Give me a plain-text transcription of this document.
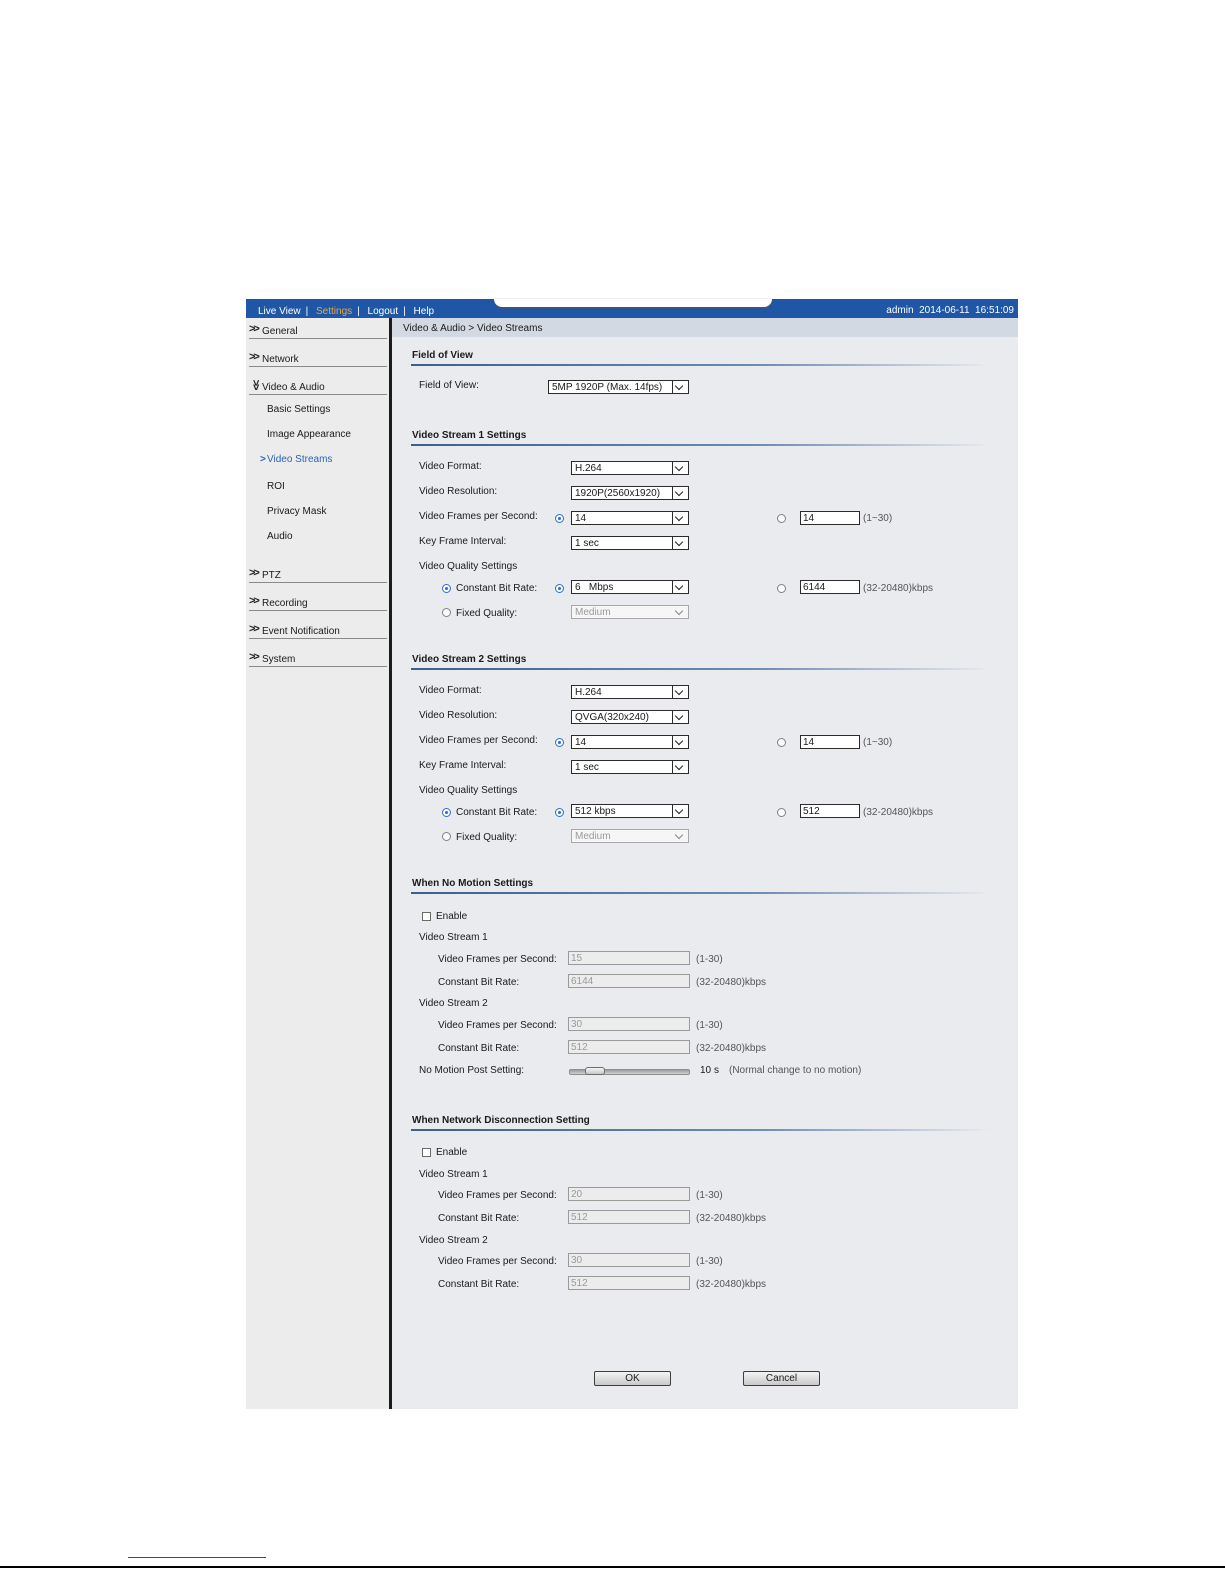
Live View | Settings | Logout | Help	admin 2014-06-11  16:51:09
>> General
>> Network
>> Video & Audio
Basic Settings
Image Appearance
> Video Streams
ROI
Privacy Mask
Audio
>> PTZ
>> Recording
>> Event Notification
>> System
Video & Audio > Video Streams
Field of View
Field of View:	5MP 1920P (Max. 14fps)
Video Stream 1 Settings
Video Format:	H.264
Video Resolution:	1920P(2560x1920)
Video Frames per Second:	14	14	(1~30)
Key Frame Interval:	1 sec
Video Quality Settings
Constant Bit Rate:	6   Mbps	6144	(32-20480)kbps
Fixed Quality:	Medium
Video Stream 2 Settings
Video Format:	H.264
Video Resolution:	QVGA(320x240)
Video Frames per Second:	14	14	(1~30)
Key Frame Interval:	1 sec
Video Quality Settings
Constant Bit Rate:	512 kbps	512	(32-20480)kbps
Fixed Quality:	Medium
When No Motion Settings
Enable
Video Stream 1
Video Frames per Second: 15	(1-30)
Constant Bit Rate:	6144	(32-20480)kbps
Video Stream 2
Video Frames per Second: 30	(1-30)
Constant Bit Rate:	512	(32-20480)kbps
No Motion Post Setting:	10 s (Normal change to no motion)
When Network Disconnection Setting
Enable
Video Stream 1
Video Frames per Second: 20	(1-30)
Constant Bit Rate:	512	(32-20480)kbps
Video Stream 2
Video Frames per Second: 30	(1-30)
Constant Bit Rate:	512	(32-20480)kbps
OK	Cancel
